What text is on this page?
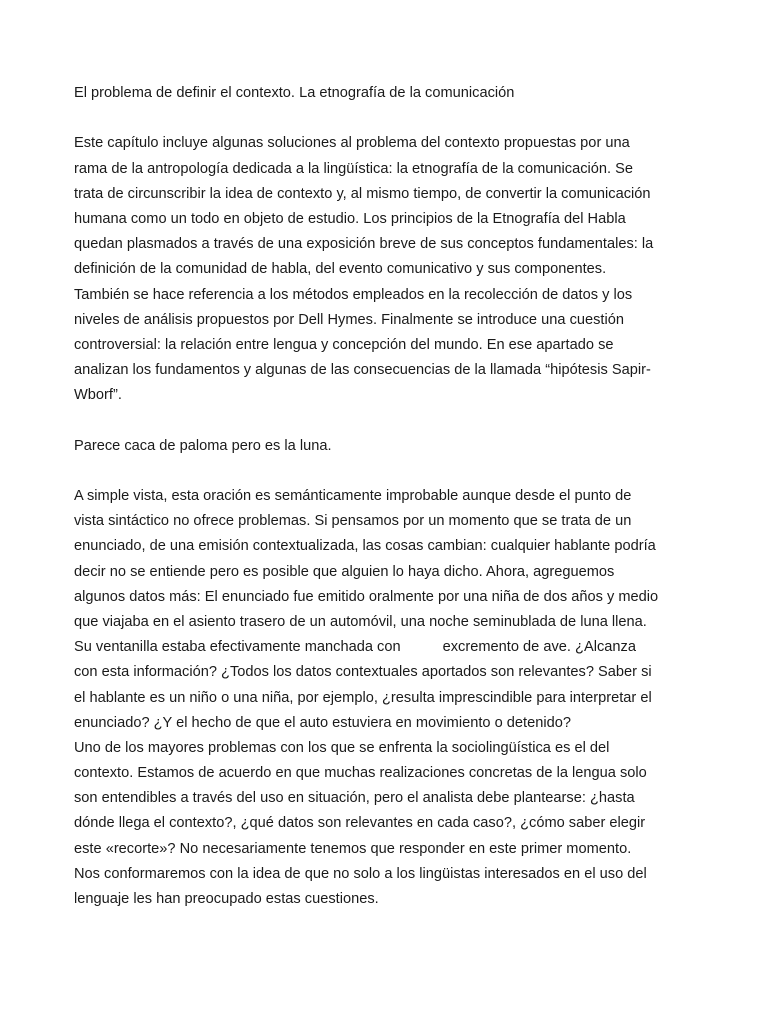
El problema de definir el contexto. La etnografía de la comunicación
Este capítulo incluye algunas soluciones al problema del contexto propuestas por una
rama de la antropología dedicada a la lingüística: la etnografía de la comunicación. Se
trata de circunscribir la idea de contexto y, al mismo tiempo, de convertir la comunicación
humana como un todo en objeto de estudio. Los principios de la Etnografía del Habla
quedan plasmados a través de una exposición breve de sus conceptos fundamentales: la
definición de la comunidad de habla, del evento comunicativo y sus componentes.
También se hace referencia a los métodos empleados en la recolección de datos y los
niveles de análisis propuestos por Dell Hymes. Finalmente se introduce una cuestión
controversial: la relación entre lengua y concepción del mundo. En ese apartado se
analizan los fundamentos y algunas de las consecuencias de la llamada “hipótesis Sapir-
Wborf”.
Parece caca de paloma pero es la luna.
A simple vista, esta oración es semánticamente improbable aunque desde el punto de
vista sintáctico no ofrece problemas. Si pensamos por un momento que se trata de un
enunciado, de una emisión contextualizada, las cosas cambian: cualquier hablante podría
decir no se entiende pero es posible que alguien lo haya dicho. Ahora, agreguemos
algunos datos más: El enunciado fue emitido oralmente por una niña de dos años y medio
que viajaba en el asiento trasero de un automóvil, una noche seminublada de luna llena.
Su ventanilla estaba efectivamente manchada con	excremento de ave. ¿Alcanza
con esta información? ¿Todos los datos contextuales aportados son relevantes? Saber si
el hablante es un niño o una niña, por ejemplo, ¿resulta imprescindible para interpretar el
enunciado? ¿Y el hecho de que el auto estuviera en movimiento o detenido?
Uno de los mayores problemas con los que se enfrenta la sociolingüística es el del
contexto. Estamos de acuerdo en que muchas realizaciones concretas de la lengua solo
son entendibles a través del uso en situación, pero el analista debe plantearse: ¿hasta
dónde llega el contexto?, ¿qué datos son relevantes en cada caso?, ¿cómo saber elegir
este «recorte»? No necesariamente tenemos que responder en este primer momento.
Nos conformaremos con la idea de que no solo a los lingüistas interesados en el uso del
lenguaje les han preocupado estas cuestiones.
